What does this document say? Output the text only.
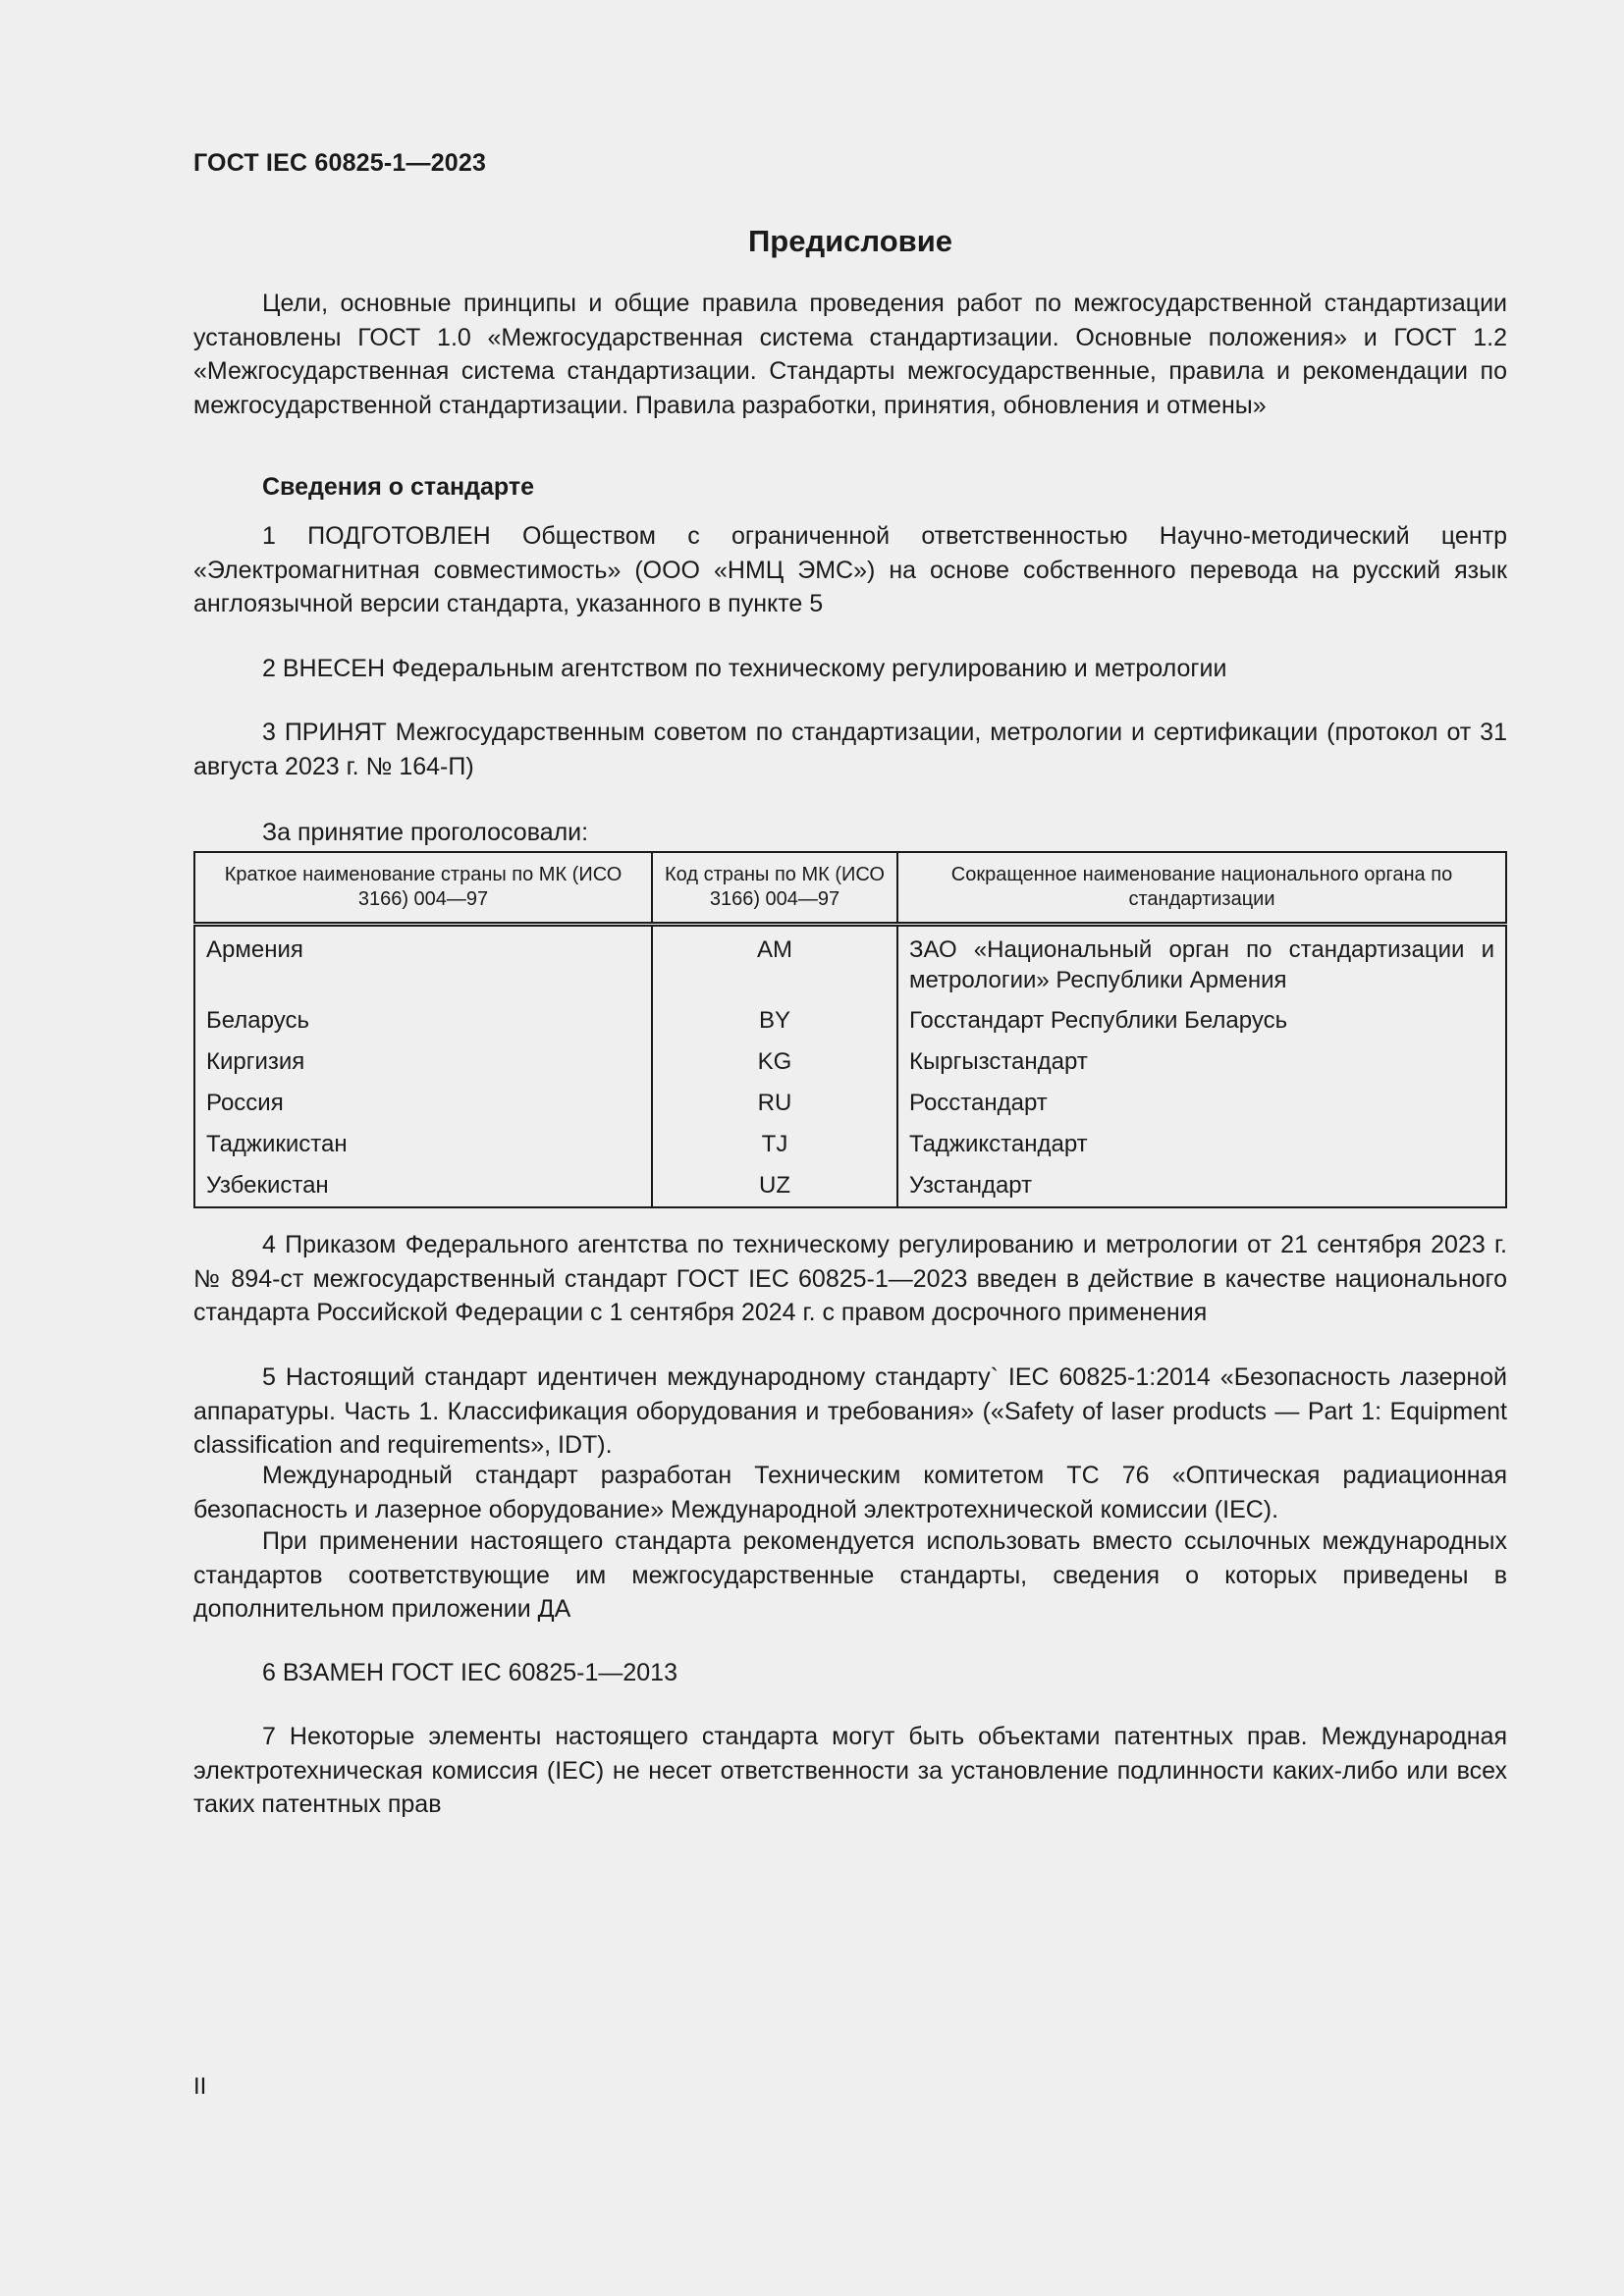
ГОСТ IEC 60825-1—2023
Предисловие

Цели, основные принципы и общие правила проведения работ по межгосударственной стандартизации установлены ГОСТ 1.0 «Межгосударственная система стандартизации. Основные положения» и ГОСТ 1.2 «Межгосударственная система стандартизации. Стандарты межгосударственные, правила и рекомендации по межгосударственной стандартизации. Правила разработки, принятия, обновления и отмены»

Сведения о стандарте

1 ПОДГОТОВЛЕН Обществом с ограниченной ответственностью Научно-методический центр «Электромагнитная совместимость» (ООО «НМЦ ЭМС») на основе собственного перевода на русский язык англоязычной версии стандарта, указанного в пункте 5

2 ВНЕСЕН Федеральным агентством по техническому регулированию и метрологии

3 ПРИНЯТ Межгосударственным советом по стандартизации, метрологии и сертификации (протокол от 31 августа 2023 г. № 164-П)

За принятие проголосовали:

Краткое наименование страны по МК (ИСО 3166) 004—97	Код страны по МК (ИСО 3166) 004—97	Сокращенное наименование национального органа по стандартизации
Армения	AM	ЗАО «Национальный орган по стандартизации и метрологии» Республики Армения
Беларусь	BY	Госстандарт Республики Беларусь
Киргизия	KG	Кыргызстандарт
Россия	RU	Росстандарт
Таджикистан	TJ	Таджикстандарт
Узбекистан	UZ	Узстандарт

4 Приказом Федерального агентства по техническому регулированию и метрологии от 21 сентября 2023 г. № 894-ст межгосударственный стандарт ГОСТ IEC 60825-1—2023 введен в действие в качестве национального стандарта Российской Федерации с 1 сентября 2024 г. с правом досрочного применения

5 Настоящий стандарт идентичен международному стандарту` IEC 60825-1:2014 «Безопасность лазерной аппаратуры. Часть 1. Классификация оборудования и требования» («Safety of laser products — Part 1: Equipment classification and requirements», IDT).

Международный стандарт разработан Техническим комитетом ТС 76 «Оптическая радиационная безопасность и лазерное оборудование» Международной электротехнической комиссии (IEC).

При применении настоящего стандарта рекомендуется использовать вместо ссылочных международных стандартов соответствующие им межгосударственные стандарты, сведения о которых приведены в дополнительном приложении ДА

6 ВЗАМЕН ГОСТ IEC 60825-1—2013

7 Некоторые элементы настоящего стандарта могут быть объектами патентных прав. Международная электротехническая комиссия (IEC) не несет ответственности за установление подлинности каких-либо или всех таких патентных прав

II
